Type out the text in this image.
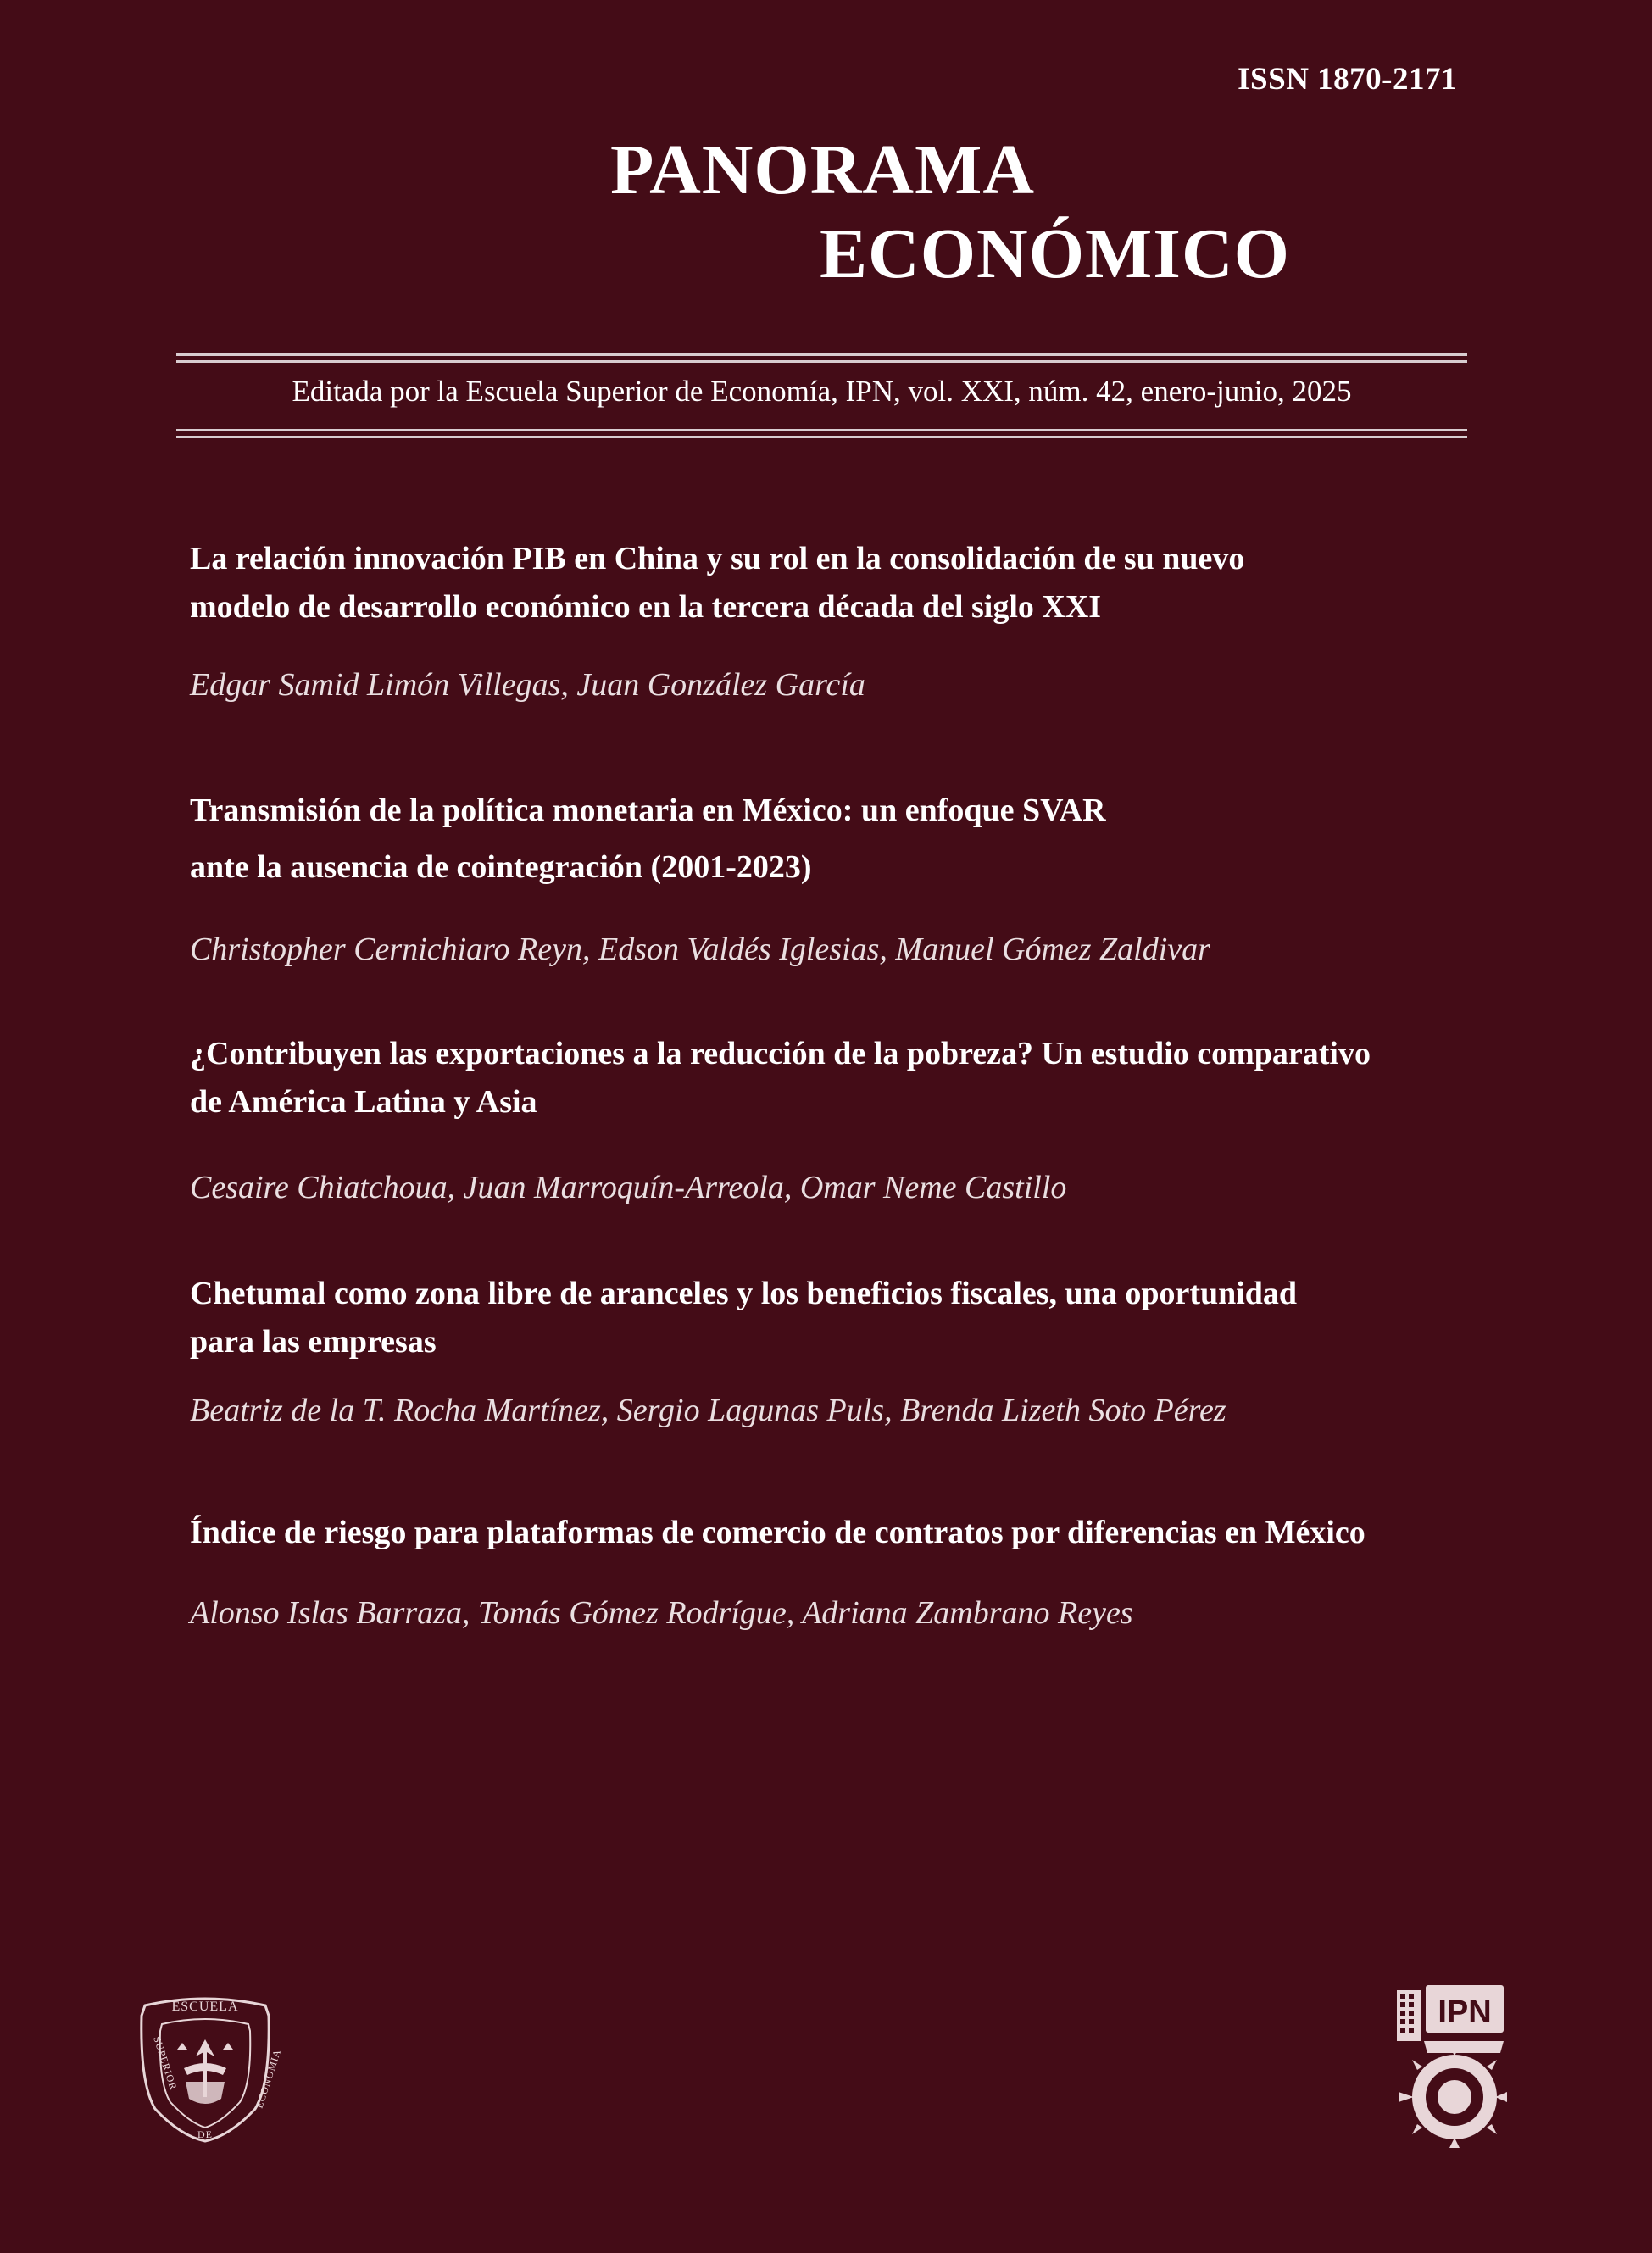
ISSN 1870-2171
PANORAMA
ECONÓMICO
Editada por la Escuela Superior de Economía, IPN, vol. XXI, núm. 42, enero-junio, 2025

La relación innovación PIB en China y su rol en la consolidación de su nuevo
modelo de desarrollo económico en la tercera década del siglo XXI

Edgar Samid Limón Villegas, Juan González García

Transmisión de la política monetaria en México: un enfoque SVAR
ante la ausencia de cointegración (2001-2023)

Christopher Cernichiaro Reyn, Edson Valdés Iglesias, Manuel Gómez Zaldivar

¿Contribuyen las exportaciones a la reducción de la pobreza? Un estudio comparativo
de América Latina y Asia

Cesaire Chiatchoua, Juan Marroquín-Arreola, Omar Neme Castillo

Chetumal como zona libre de aranceles y los beneficios fiscales, una oportunidad
para las empresas

Beatriz de la T. Rocha Martínez, Sergio Lagunas Puls, Brenda Lizeth Soto Pérez

Índice de riesgo para plataformas de comercio de contratos por diferencias en México

Alonso Islas Barraza, Tomás Gómez Rodrígue, Adriana Zambrano Reyes
ESCUELA
SUPERIOR
DE
ECONOMIA
IPN
